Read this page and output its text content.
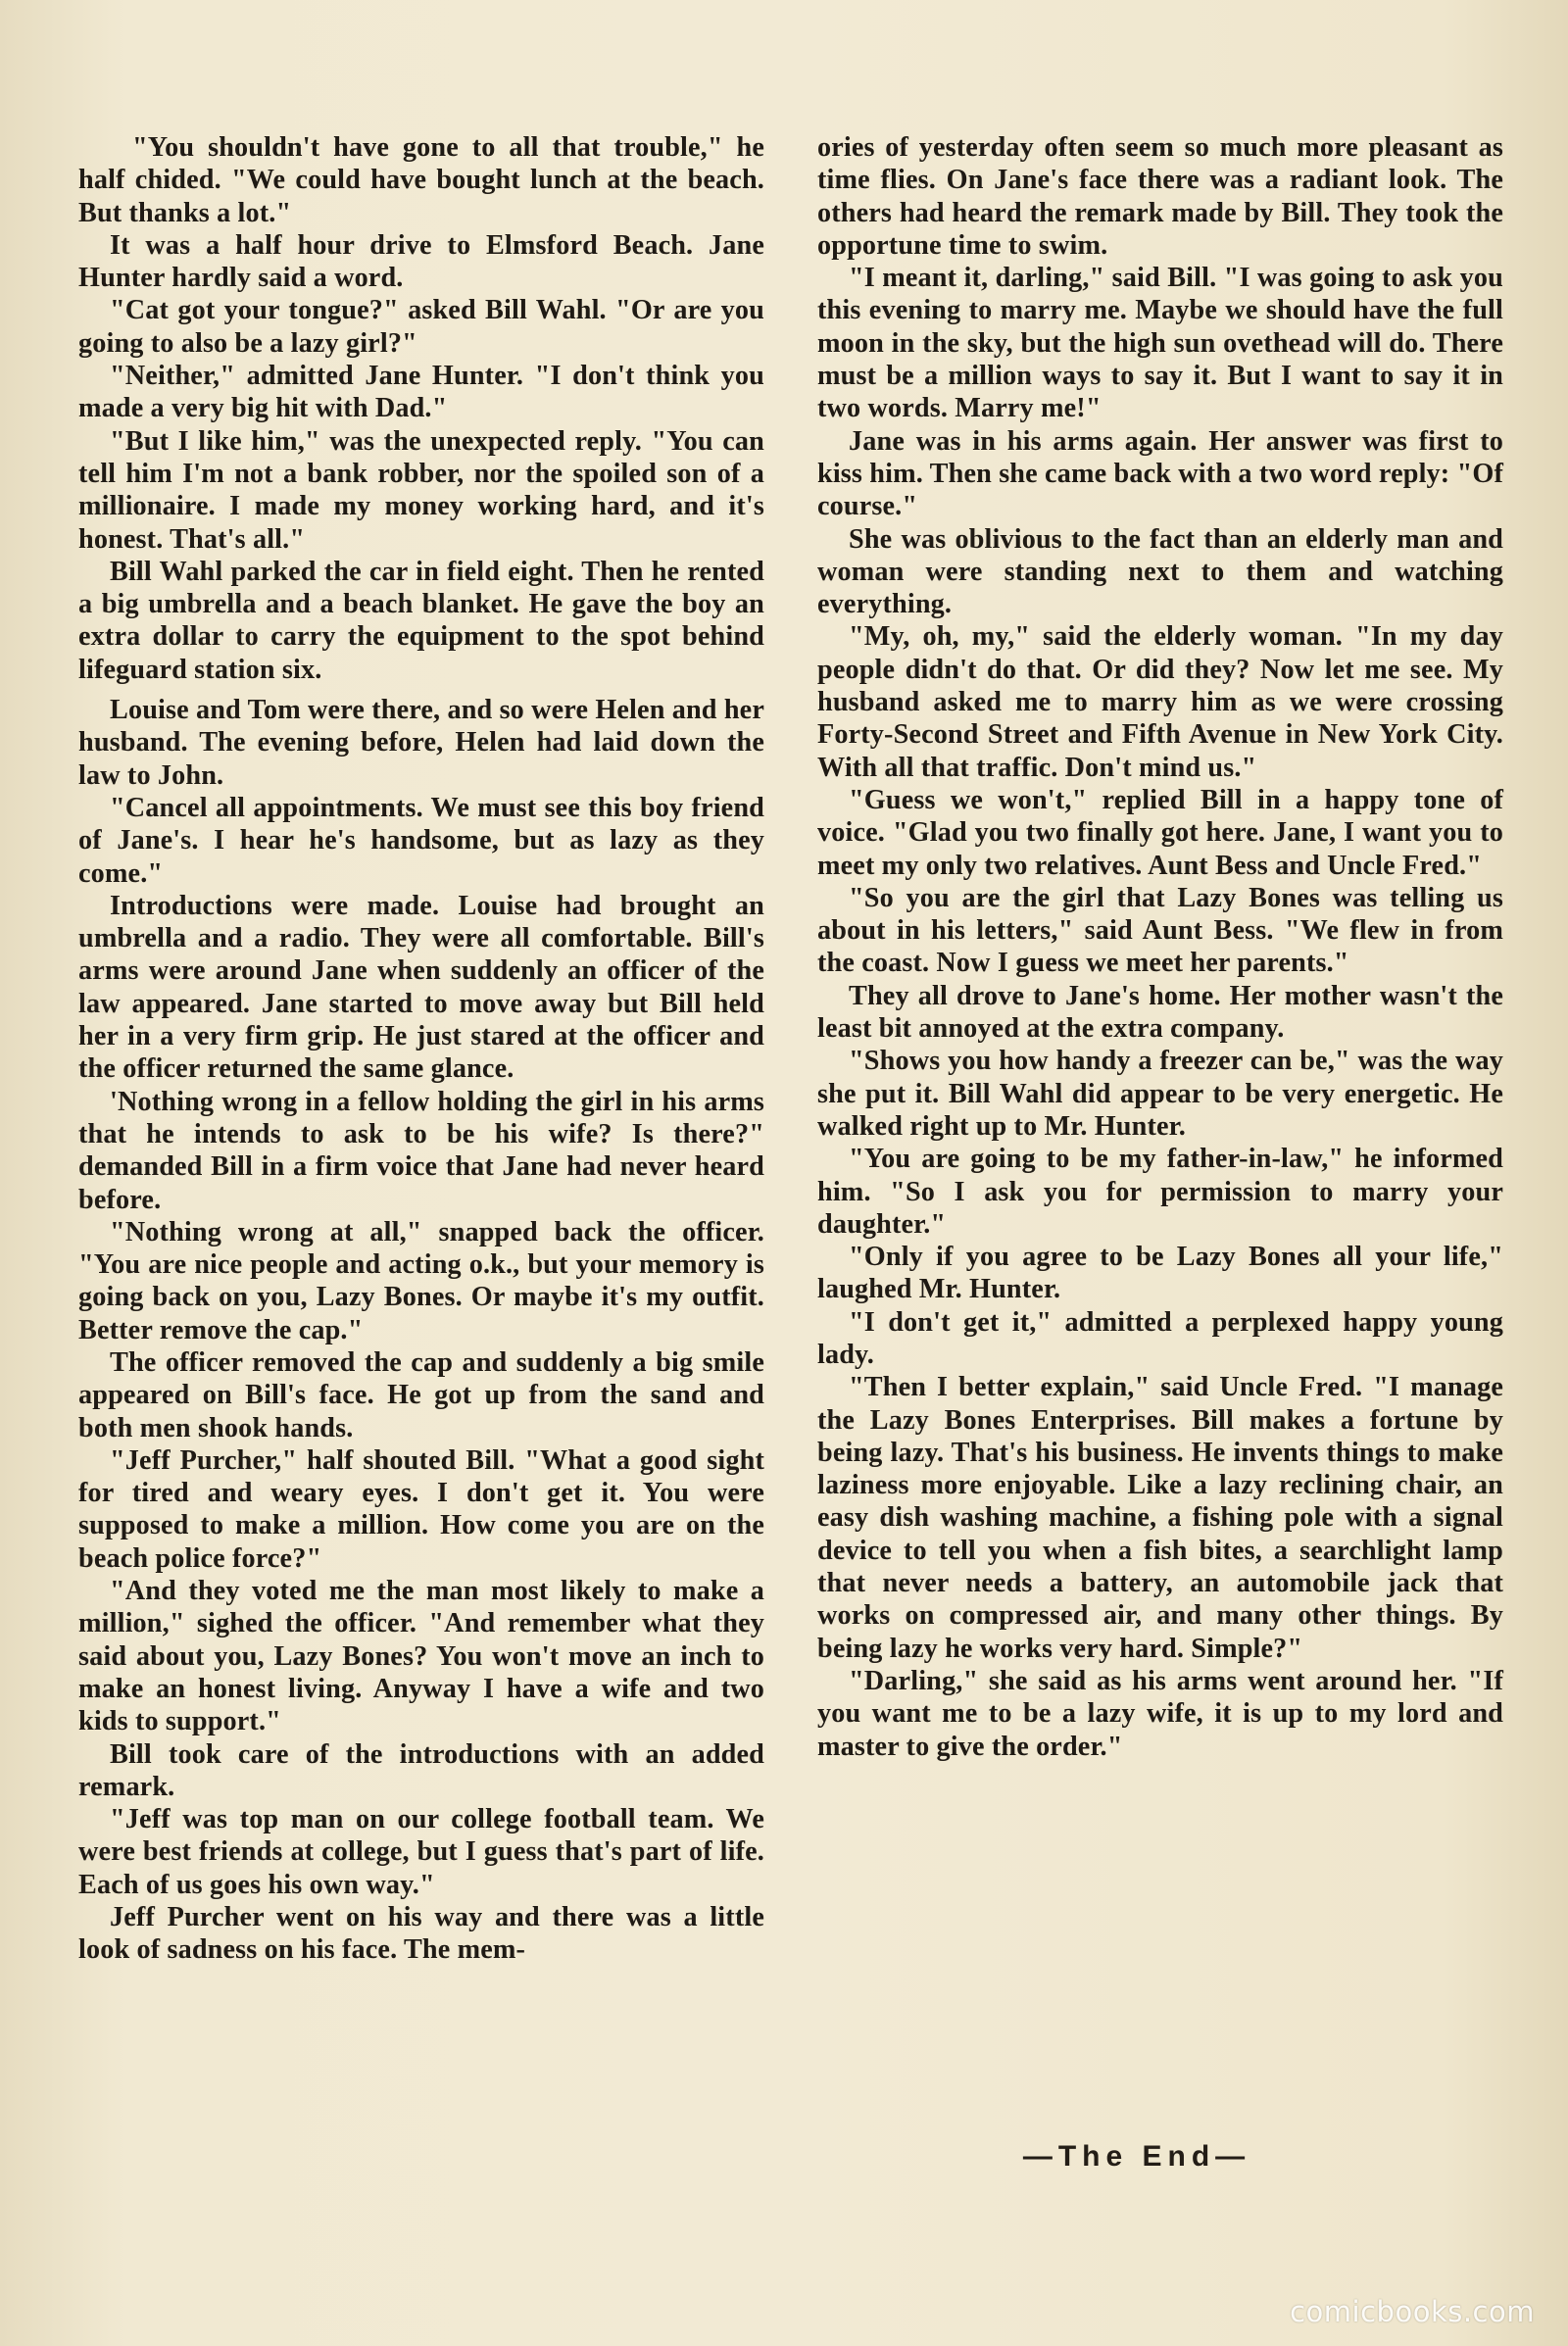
"You shouldn't have gone to all that trouble," he half chided. "We could have bought lunch at the beach. But thanks a lot."

It was a half hour drive to Elmsford Beach. Jane Hunter hardly said a word.

"Cat got your tongue?" asked Bill Wahl. "Or are you going to also be a lazy girl?"

"Neither," admitted Jane Hunter. "I don't think you made a very big hit with Dad."

"But I like him," was the unexpected reply. "You can tell him I'm not a bank robber, nor the spoiled son of a millionaire. I made my money working hard, and it's honest. That's all."

Bill Wahl parked the car in field eight. Then he rented a big umbrella and a beach blanket. He gave the boy an extra dollar to carry the equipment to the spot behind lifeguard station six.

Louise and Tom were there, and so were Helen and her husband. The evening before, Helen had laid down the law to John.

"Cancel all appointments. We must see this boy friend of Jane's. I hear he's handsome, but as lazy as they come."

Introductions were made. Louise had brought an umbrella and a radio. They were all comfortable. Bill's arms were around Jane when suddenly an officer of the law appeared. Jane started to move away but Bill held her in a very firm grip. He just stared at the officer and the officer returned the same glance.

'Nothing wrong in a fellow holding the girl in his arms that he intends to ask to be his wife? Is there?" demanded Bill in a firm voice that Jane had never heard before.

"Nothing wrong at all," snapped back the officer. "You are nice people and acting o.k., but your memory is going back on you, Lazy Bones. Or maybe it's my outfit. Better remove the cap."

The officer removed the cap and suddenly a big smile appeared on Bill's face. He got up from the sand and both men shook hands.

"Jeff Purcher," half shouted Bill. "What a good sight for tired and weary eyes. I don't get it. You were supposed to make a million. How come you are on the beach police force?"

"And they voted me the man most likely to make a million," sighed the officer. "And remember what they said about you, Lazy Bones? You won't move an inch to make an honest living. Anyway I have a wife and two kids to support."

Bill took care of the introductions with an added remark.

"Jeff was top man on our college football team. We were best friends at college, but I guess that's part of life. Each of us goes his own way."

Jeff Purcher went on his way and there was a little look of sadness on his face. The mem-

ories of yesterday often seem so much more pleasant as time flies. On Jane's face there was a radiant look. The others had heard the remark made by Bill. They took the opportune time to swim.

"I meant it, darling," said Bill. "I was going to ask you this evening to marry me. Maybe we should have the full moon in the sky, but the high sun ovethead will do. There must be a million ways to say it. But I want to say it in two words. Marry me!"

Jane was in his arms again. Her answer was first to kiss him. Then she came back with a two word reply: "Of course."

She was oblivious to the fact than an elderly man and woman were standing next to them and watching everything.

"My, oh, my," said the elderly woman. "In my day people didn't do that. Or did they? Now let me see. My husband asked me to marry him as we were crossing Forty-Second Street and Fifth Avenue in New York City. With all that traffic. Don't mind us."

"Guess we won't," replied Bill in a happy tone of voice. "Glad you two finally got here. Jane, I want you to meet my only two relatives. Aunt Bess and Uncle Fred."

"So you are the girl that Lazy Bones was telling us about in his letters," said Aunt Bess. "We flew in from the coast. Now I guess we meet her parents."

They all drove to Jane's home. Her mother wasn't the least bit annoyed at the extra company.

"Shows you how handy a freezer can be," was the way she put it. Bill Wahl did appear to be very energetic. He walked right up to Mr. Hunter.

"You are going to be my father-in-law," he informed him. "So I ask you for permission to marry your daughter."

"Only if you agree to be Lazy Bones all your life," laughed Mr. Hunter.

"I don't get it," admitted a perplexed happy young lady.

"Then I better explain," said Uncle Fred. "I manage the Lazy Bones Enterprises. Bill makes a fortune by being lazy. That's his business. He invents things to make laziness more enjoyable. Like a lazy reclining chair, an easy dish washing machine, a fishing pole with a signal device to tell you when a fish bites, a searchlight lamp that never needs a battery, an automobile jack that works on compressed air, and many other things. By being lazy he works very hard. Simple?"

"Darling," she said as his arms went around her. "If you want me to be a lazy wife, it is up to my lord and master to give the order."

—The End—
comicbooks.com
